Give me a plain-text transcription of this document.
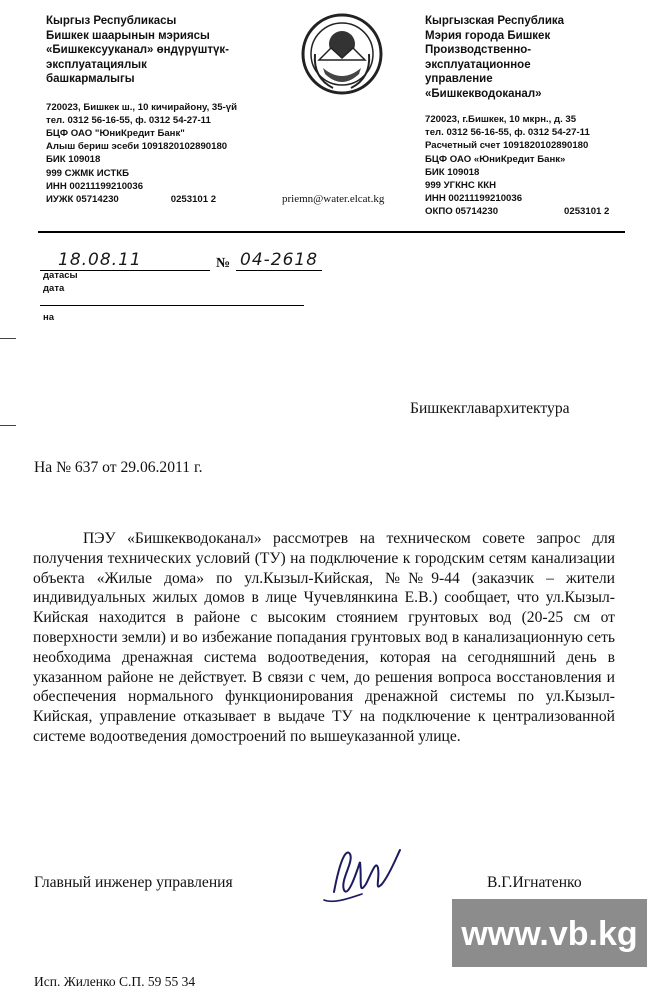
Кыргыз Республикасы
Бишкек шаарынын мэриясы
«Бишкексууканал» өндүрүштүк-
эксплуатациялык
башкармалыгы
720023, Бишкек ш., 10 кичирайону, 35-үй
тел. 0312 56-16-55, ф. 0312 54-27-11
БЦФ ОАО "ЮниКредит Банк"
Алыш бериш эсеби 1091820102890180
БИК 109018
999 СЖМК ИСТКБ
ИНН 00211199210036
ИУЖК 05714230	0253101 2
Кыргызская Республика
Мэрия города Бишкек
Производственно-
эксплуатационное
управление
«Бишкекводоканал»
720023, г.Бишкек, 10 мкрн., д. 35
тел. 0312 56-16-55, ф. 0312 54-27-11
Расчетный счет 1091820102890180
БЦФ ОАО «ЮниКредит Банк»
БИК 109018
999 УГКНС ККН
ИНН 00211199210036
ОКПО 05714230	0253101 2
priemn@water.elcat.kg
18.08.11	№ 04-2618
датасы
дата
на
Бишкекглавархитектура
На № 637 от 29.06.2011 г.

ПЭУ «Бишкекводоканал» рассмотрев на техническом совете запрос для получения технических условий (ТУ) на подключение к городским сетям канализации объекта «Жилые дома» по ул.Кызыл-Кийская, №№9-44 (заказчик – жители индивидуальных жилых домов в лице Чучевлянкина Е.В.) сообщает, что ул.Кызыл-Кийская находится в районе с высоким стоянием грунтовых вод (20-25 см от поверхности земли) и во избежание попадания грунтовых вод в канализационную сеть необходима дренажная система водоотведения, которая на сегодняшний день в указанном районе не действует. В связи с чем, до решения вопроса восстановления и обеспечения нормального функционирования дренажной системы по ул.Кызыл-Кийская, управление отказывает в выдаче ТУ на подключение к централизованной системе водоотведения домостроений по вышеуказанной улице.

Главный инженер управления	В.Г.Игнатенко
Исп. Жиленко С.П. 59 55 34
www.vb.kg
